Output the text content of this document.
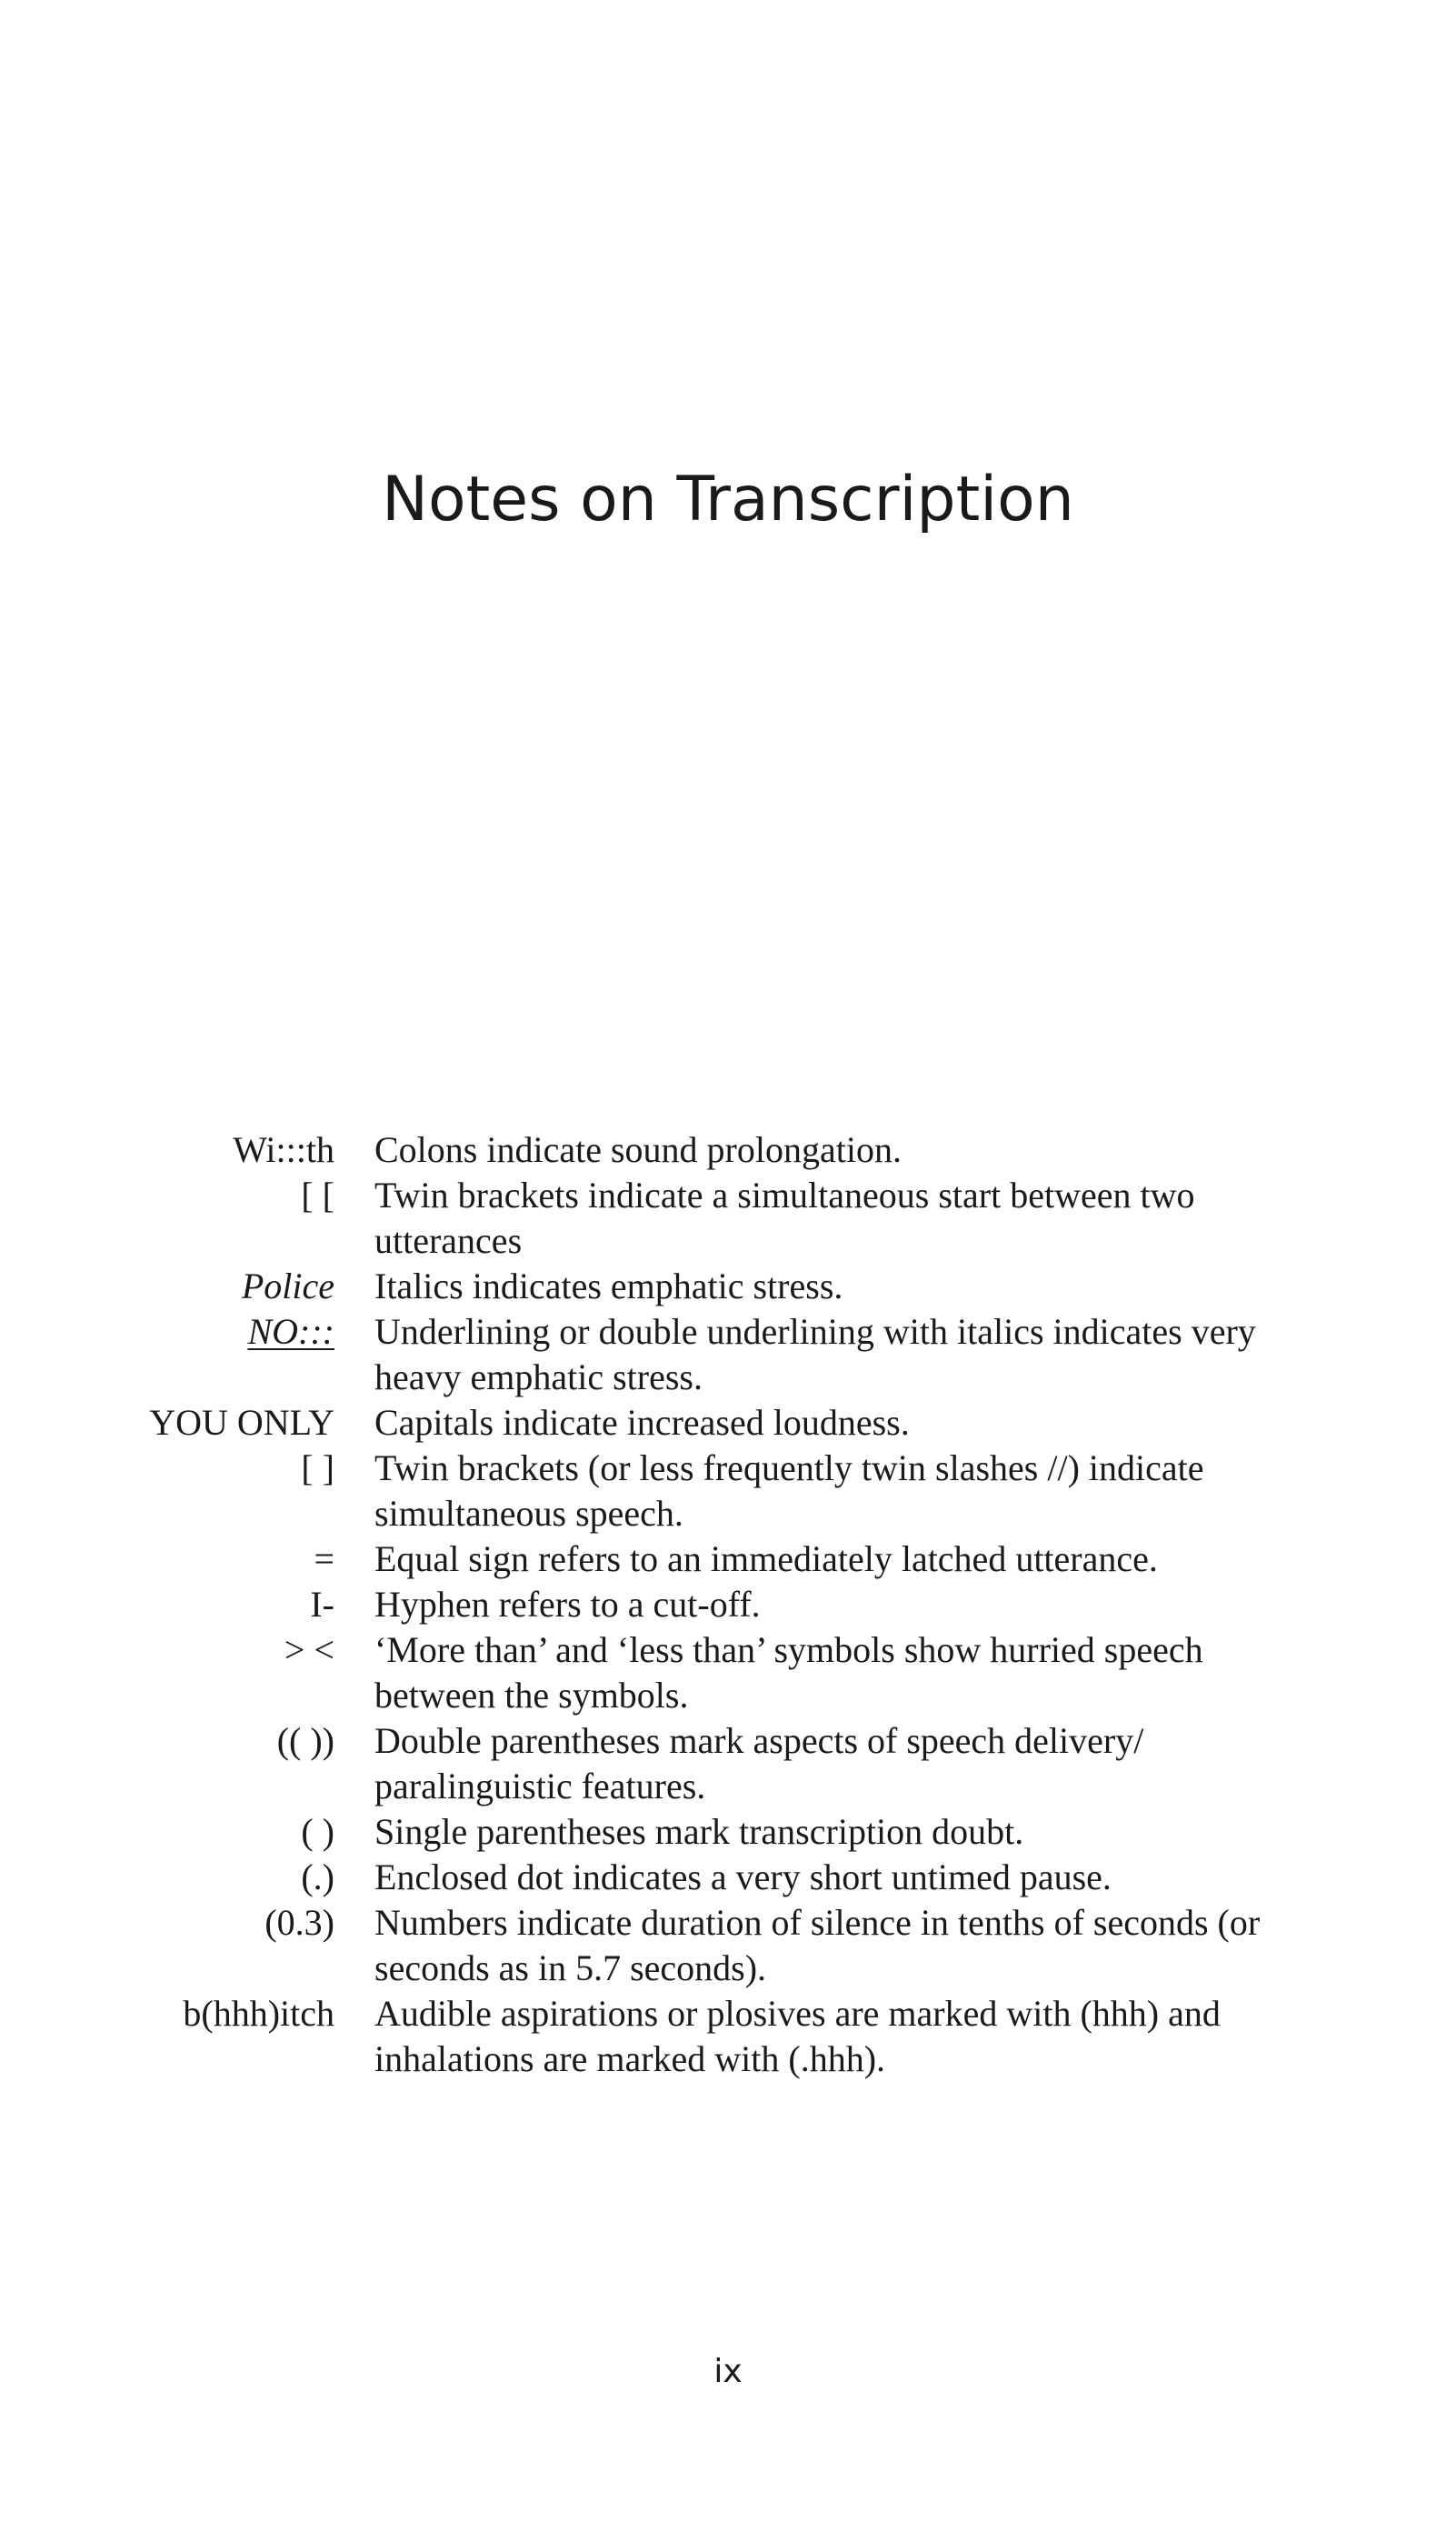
Notes on Transcription
Wi:::th Colons indicate sound prolongation.
[ [ Twin brackets indicate a simultaneous start between two utterances
Police Italics indicates emphatic stress.
NO::: Underlining or double underlining with italics indicates very heavy emphatic stress.
YOU ONLY Capitals indicate increased loudness.
[ ] Twin brackets (or less frequently twin slashes //) indicate simultaneous speech.
= Equal sign refers to an immediately latched utterance.
I- Hyphen refers to a cut-off.
> < ‘More than’ and ‘less than’ symbols show hurried speech between the symbols.
(( )) Double parentheses mark aspects of speech delivery/ paralinguistic features.
( ) Single parentheses mark transcription doubt.
(.) Enclosed dot indicates a very short untimed pause.
(0.3) Numbers indicate duration of silence in tenths of seconds (or seconds as in 5.7 seconds).
b(hhh)itch Audible aspirations or plosives are marked with (hhh) and inhalations are marked with (.hhh).
ix
